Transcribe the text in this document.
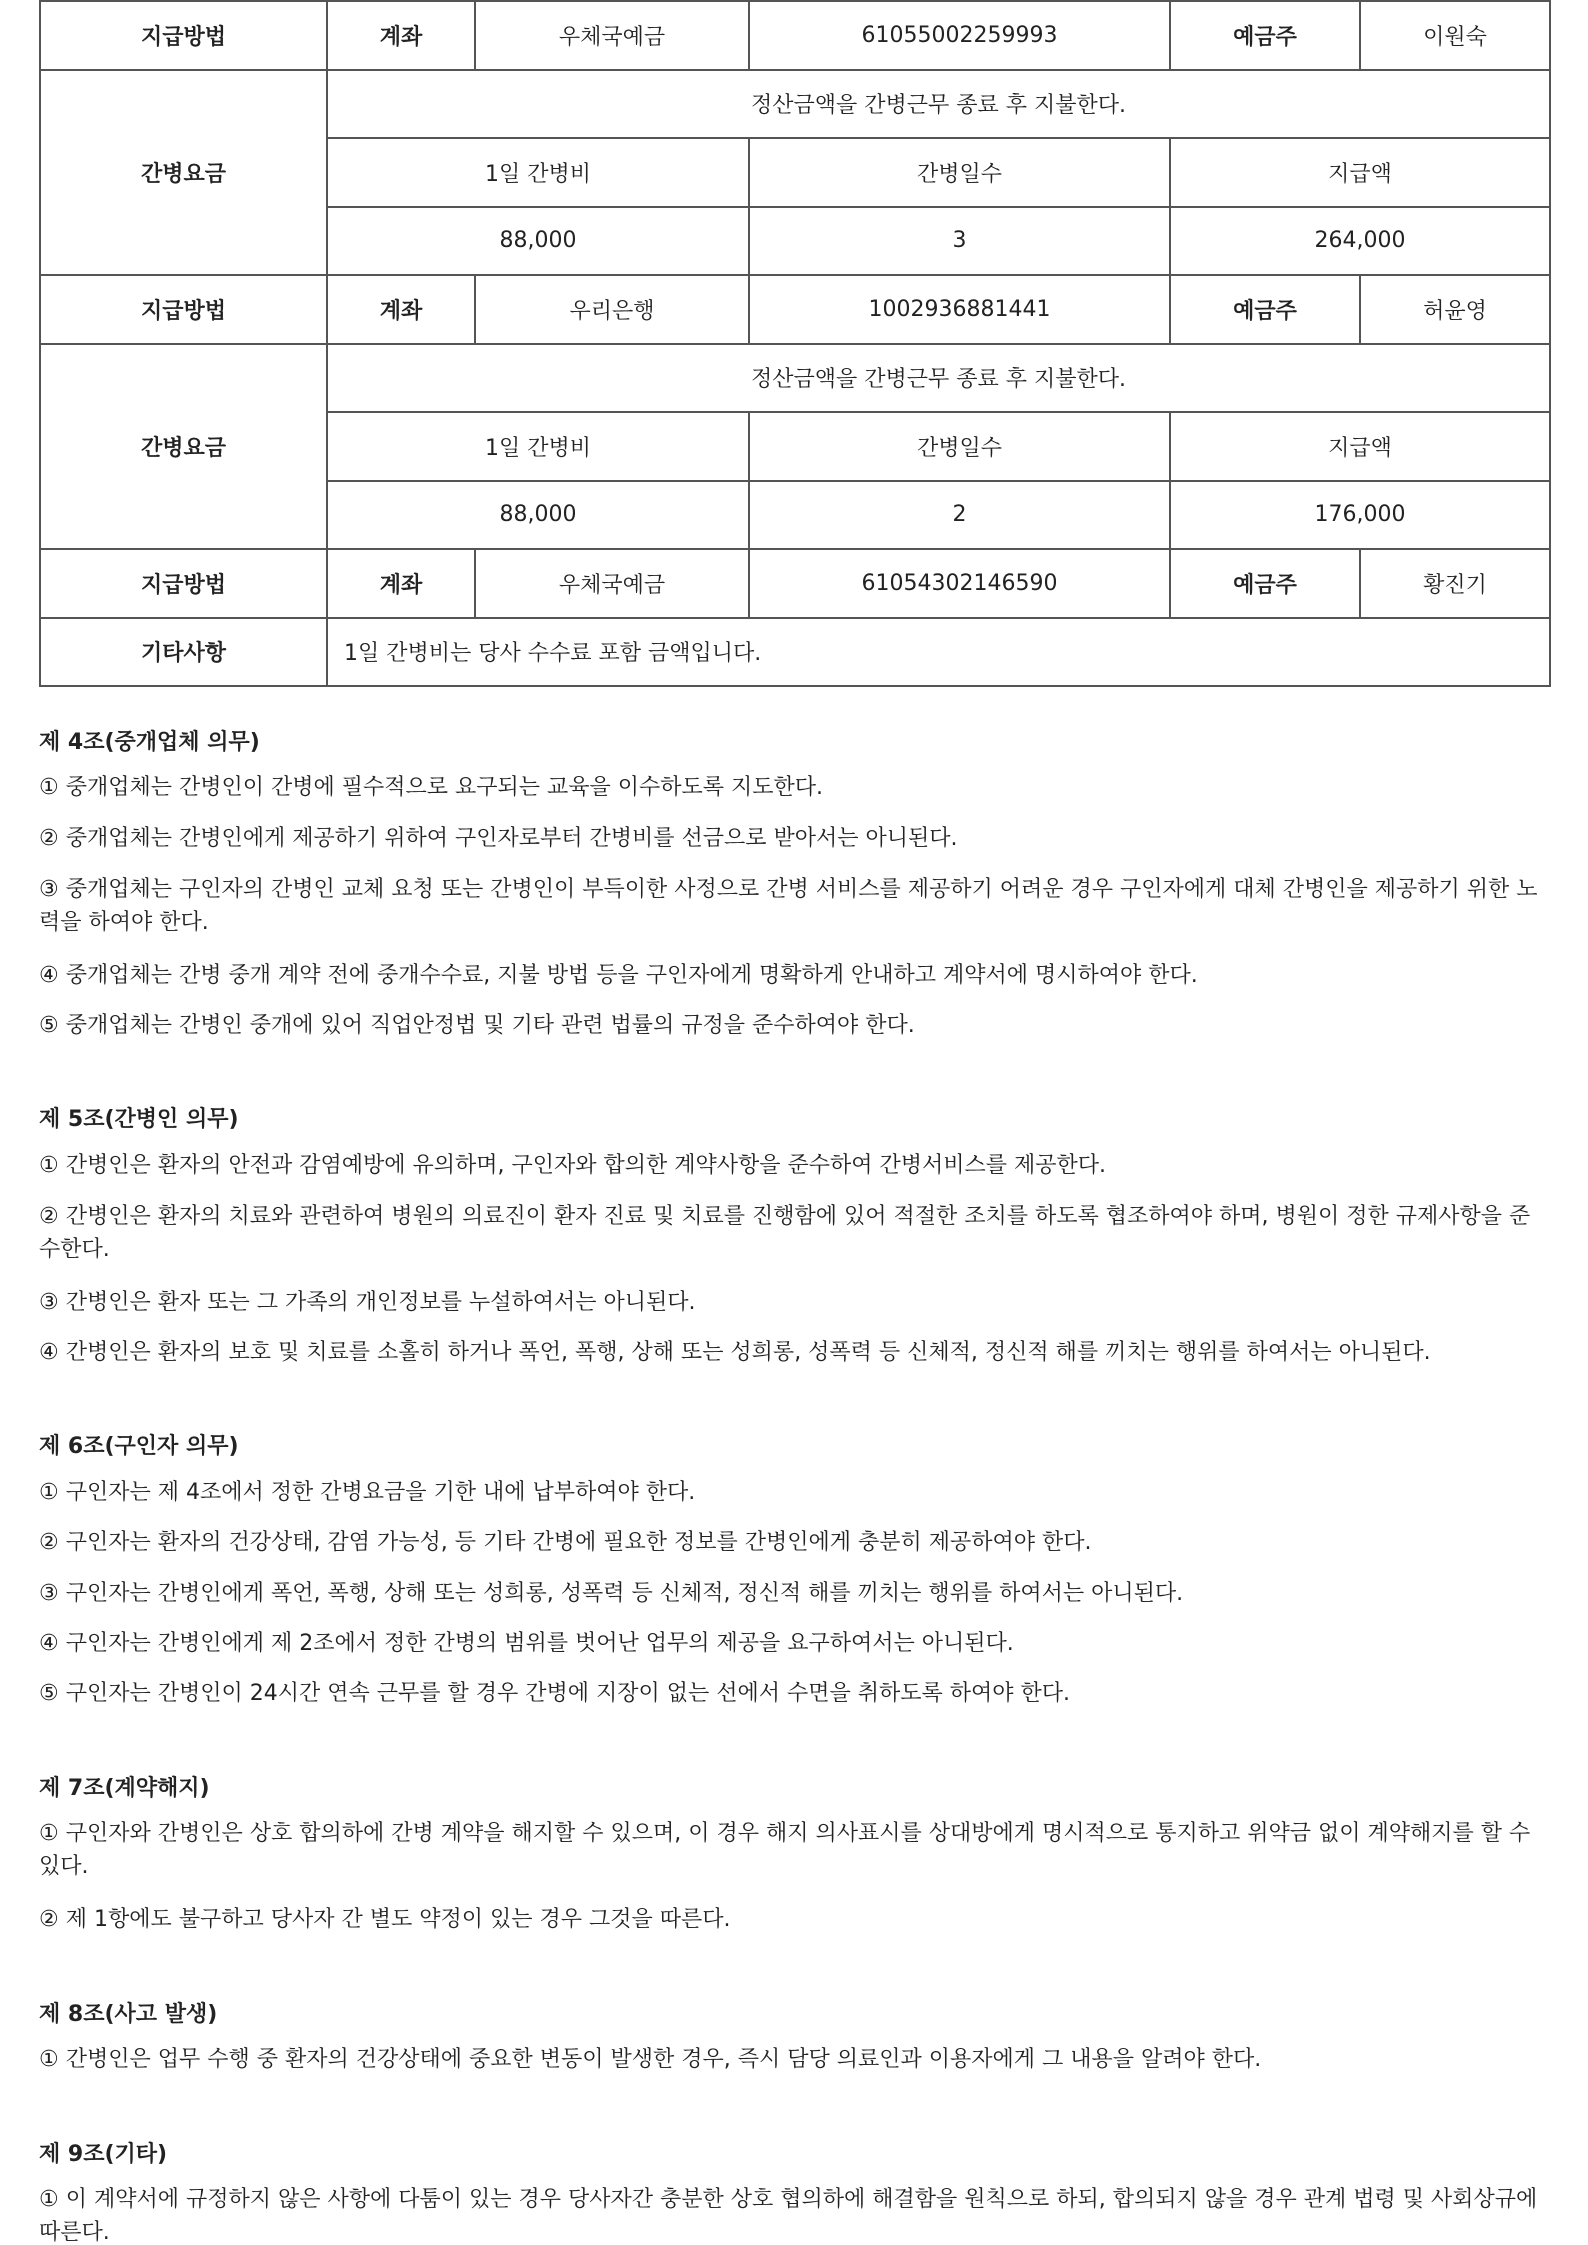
지급방법	계좌	우체국예금	61055002259993	예금주	이원숙
간병요금	정산금액을 간병근무 종료 후 지불한다.				
	1일 간병비		간병일수	지급액	
	88,000		3	264,000	
지급방법	계좌	우리은행	1002936881441	예금주	허윤영
간병요금	정산금액을 간병근무 종료 후 지불한다.				
	1일 간병비		간병일수	지급액	
	88,000		2	176,000	
지급방법	계좌	우체국예금	61054302146590	예금주	황진기
기타사항	1일 간병비는 당사 수수료 포함 금액입니다.				
제 4조(중개업체 의무)
① 중개업체는 간병인이 간병에 필수적으로 요구되는 교육을 이수하도록 지도한다.
② 중개업체는 간병인에게 제공하기 위하여 구인자로부터 간병비를 선금으로 받아서는 아니된다.
③ 중개업체는 구인자의 간병인 교체 요청 또는 간병인이 부득이한 사정으로 간병 서비스를 제공하기 어려운 경우 구인자에게 대체 간병인을 제공하기 위한 노력을 하여야 한다.
④ 중개업체는 간병 중개 계약 전에 중개수수료, 지불 방법 등을 구인자에게 명확하게 안내하고 계약서에 명시하여야 한다.
⑤ 중개업체는 간병인 중개에 있어 직업안정법 및 기타 관련 법률의 규정을 준수하여야 한다.
제 5조(간병인 의무)
① 간병인은 환자의 안전과 감염예방에 유의하며, 구인자와 합의한 계약사항을 준수하여 간병서비스를 제공한다.
② 간병인은 환자의 치료와 관련하여 병원의 의료진이 환자 진료 및 치료를 진행함에 있어 적절한 조치를 하도록 협조하여야 하며, 병원이 정한 규제사항을 준수한다.
③ 간병인은 환자 또는 그 가족의 개인정보를 누설하여서는 아니된다.
④ 간병인은 환자의 보호 및 치료를 소홀히 하거나 폭언, 폭행, 상해 또는 성희롱, 성폭력 등 신체적, 정신적 해를 끼치는 행위를 하여서는 아니된다.
제 6조(구인자 의무)
① 구인자는 제 4조에서 정한 간병요금을 기한 내에 납부하여야 한다.
② 구인자는 환자의 건강상태, 감염 가능성, 등 기타 간병에 필요한 정보를 간병인에게 충분히 제공하여야 한다.
③ 구인자는 간병인에게 폭언, 폭행, 상해 또는 성희롱, 성폭력 등 신체적, 정신적 해를 끼치는 행위를 하여서는 아니된다.
④ 구인자는 간병인에게 제 2조에서 정한 간병의 범위를 벗어난 업무의 제공을 요구하여서는 아니된다.
⑤ 구인자는 간병인이 24시간 연속 근무를 할 경우 간병에 지장이 없는 선에서 수면을 취하도록 하여야 한다.
제 7조(계약해지)
① 구인자와 간병인은 상호 합의하에 간병 계약을 해지할 수 있으며, 이 경우 해지 의사표시를 상대방에게 명시적으로 통지하고 위약금 없이 계약해지를 할 수 있다.
② 제 1항에도 불구하고 당사자 간 별도 약정이 있는 경우 그것을 따른다.
제 8조(사고 발생)
① 간병인은 업무 수행 중 환자의 건강상태에 중요한 변동이 발생한 경우, 즉시 담당 의료인과 이용자에게 그 내용을 알려야 한다.
제 9조(기타)
① 이 계약서에 규정하지 않은 사항에 다툼이 있는 경우 당사자간 충분한 상호 협의하에 해결함을 원칙으로 하되, 합의되지 않을 경우 관계 법령 및 사회상규에 따른다.
